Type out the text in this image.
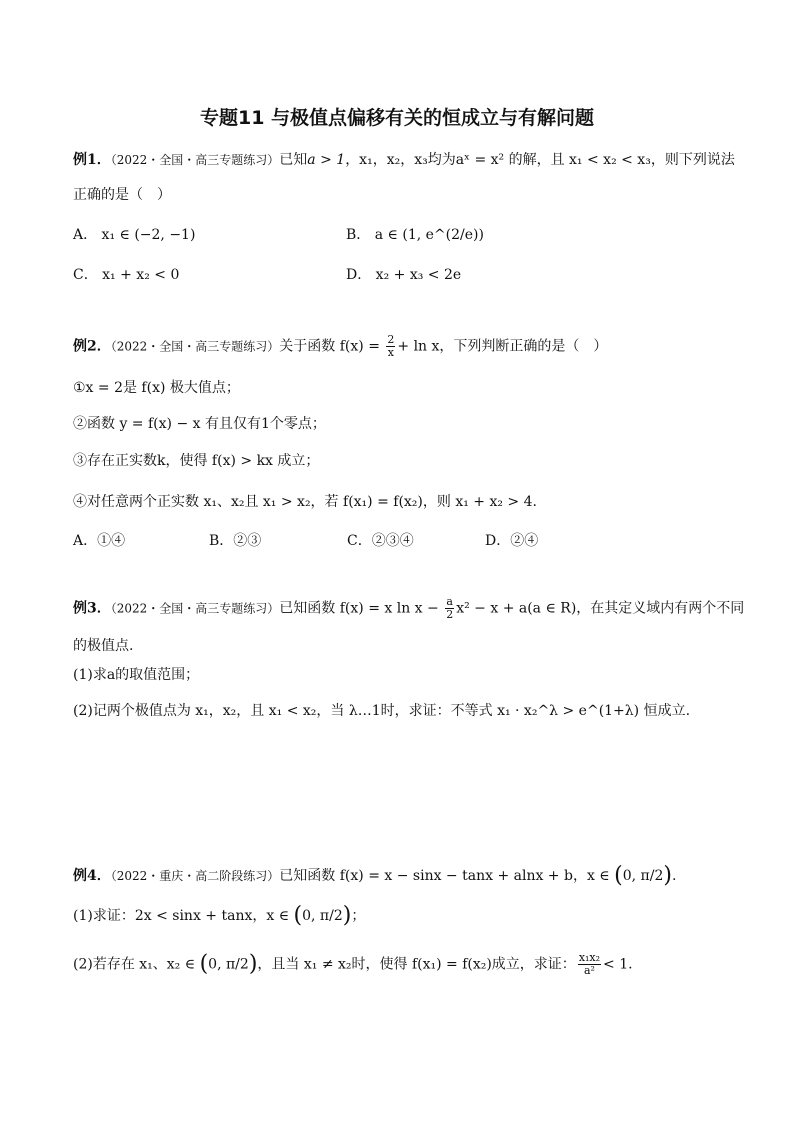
专题11 与极值点偏移有关的恒成立与有解问题
例1．（2022・全国・高三专题练习）已知a > 1，x₁，x₂，x₃均为aˣ = x² 的解，且 x₁ < x₂ < x₃，则下列说法
正确的是（　）
A． x₁ ∈ (−2, −1)	B． a ∈ (1, e^(2/e))
C． x₁ + x₂ < 0	D． x₂ + x₃ < 2e
例2．（2022・全国・高三专题练习）关于函数 $f(x) = \frac{2}{x} + \ln x$，下列判断正确的是（　）
①x = 2是 f(x) 极大值点；
②函数 y = f(x) − x 有且仅有1个零点；
③存在正实数k，使得 f(x) > kx 成立；
④对任意两个正实数 x₁、x₂且 x₁ > x₂，若 f(x₁) = f(x₂)，则 x₁ + x₂ > 4.
A．①④	B．②③	C．②③④	D．②④
例3．（2022・全国・高三专题练习）已知函数 f(x) = x $\ln x - \frac{a}{2} x^2 - x + a(a$ ∈ R)，在其定义域内有两个不同
的极值点.
(1)求a的取值范围；
(2)记两个极值点为 x₁，x₂，且 x₁ < x₂，当 λ…1时，求证：不等式 x₁ · x₂^λ > e^(1+λ) 恒成立.
例4．（2022・重庆・高二阶段练习）已知函数 f(x) = x − sinx − tanx + alnx + b，x ∈ (0, π/2).
(1)求证：2x < sinx + tanx，x ∈ (0, π/2)；
(2)若存在 x₁、x₂ ∈ (0, π/2)，且当 x₁ ≠ x₂时，使得 f(x₁) = f(x₂)成立，求证： $\frac{\text{x₁x₂}}{\text{a²}} < 1$.
